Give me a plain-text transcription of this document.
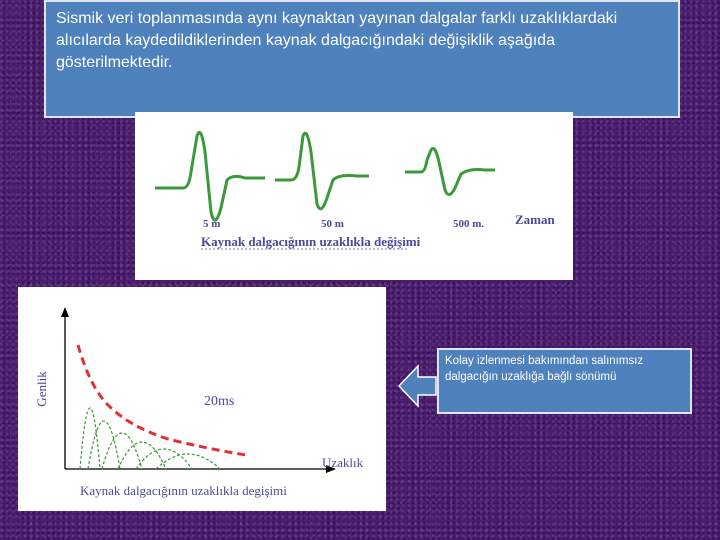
Sismik veri toplanmasında aynı kaynaktan yayınan dalgalar farklı uzaklıklardaki alıcılarda kaydedildiklerinden kaynak dalgacığındaki değişiklik aşağıda gösterilmektedir.
5 m	50 m	500 m. Zaman
Kaynak dalgacığının uzaklıkla değişimi
Genlik	20ms
Uzaklık
Kaynak dalgacığının uzaklıkla degişimi
Kolay izlenmesi bakımından salınımsız dalgacığın uzaklığa bağlı sönümü
